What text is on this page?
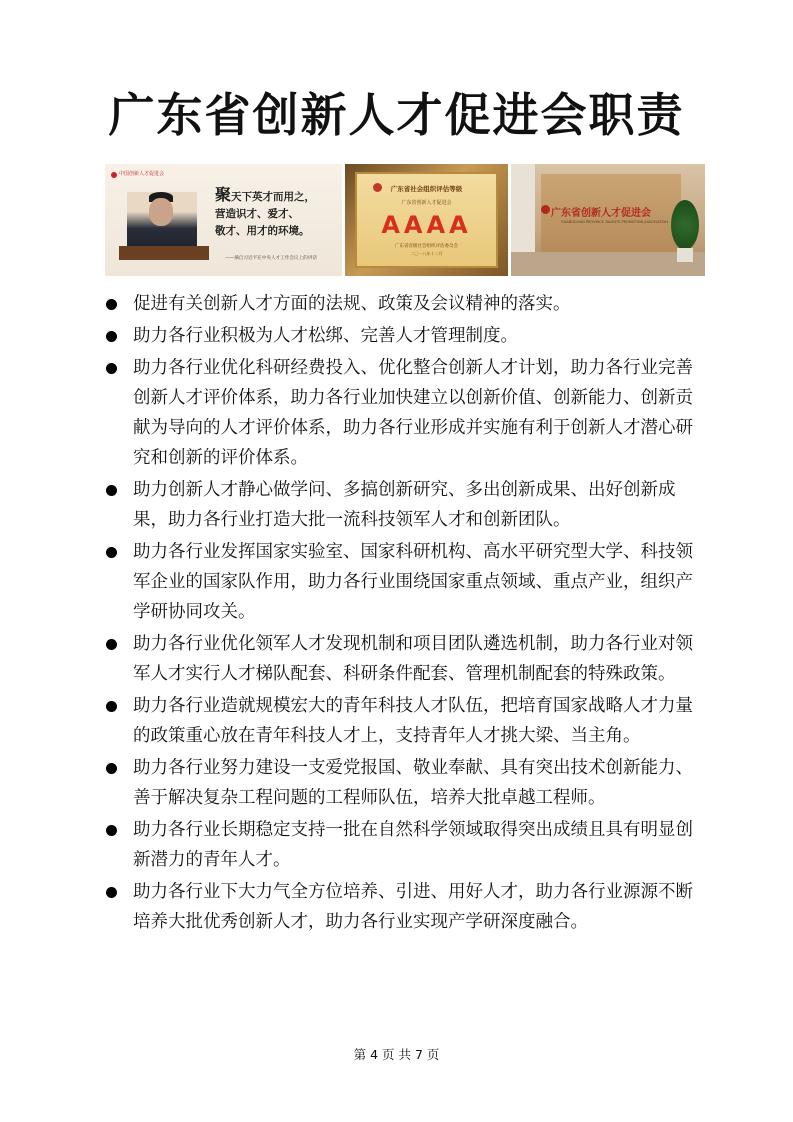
广东省创新人才促进会职责
中国创新人才促进会
聚天下英才而用之，
营造识才、爱才、
敬才、用才的环境。
——摘自习近平在中央人才工作会议上的讲话
广东省社会组织评估等级
广东省创新人才促进会
AAAA
广东省省级社会组织评估委员会
二〇一八年十二月
广东省创新人才促进会
GUANGDONG PROVINCE TALENTS PROMOTION ASSOCIATION
促进有关创新人才方面的法规、政策及会议精神的落实。
助力各行业积极为人才松绑、完善人才管理制度。
助力各行业优化科研经费投入、优化整合创新人才计划，助力各行业完善创新人才评价体系，助力各行业加快建立以创新价值、创新能力、创新贡献为导向的人才评价体系，助力各行业形成并实施有利于创新人才潜心研究和创新的评价体系。
助力创新人才静心做学问、多搞创新研究、多出创新成果、出好创新成果，助力各行业打造大批一流科技领军人才和创新团队。
助力各行业发挥国家实验室、国家科研机构、高水平研究型大学、科技领军企业的国家队作用，助力各行业围绕国家重点领域、重点产业，组织产学研协同攻关。
助力各行业优化领军人才发现机制和项目团队遴选机制，助力各行业对领军人才实行人才梯队配套、科研条件配套、管理机制配套的特殊政策。
助力各行业造就规模宏大的青年科技人才队伍，把培育国家战略人才力量的政策重心放在青年科技人才上，支持青年人才挑大梁、当主角。
助力各行业努力建设一支爱党报国、敬业奉献、具有突出技术创新能力、善于解决复杂工程问题的工程师队伍，培养大批卓越工程师。
助力各行业长期稳定支持一批在自然科学领域取得突出成绩且具有明显创新潜力的青年人才。
助力各行业下大力气全方位培养、引进、用好人才，助力各行业源源不断培养大批优秀创新人才，助力各行业实现产学研深度融合。
第 4 页 共 7 页
